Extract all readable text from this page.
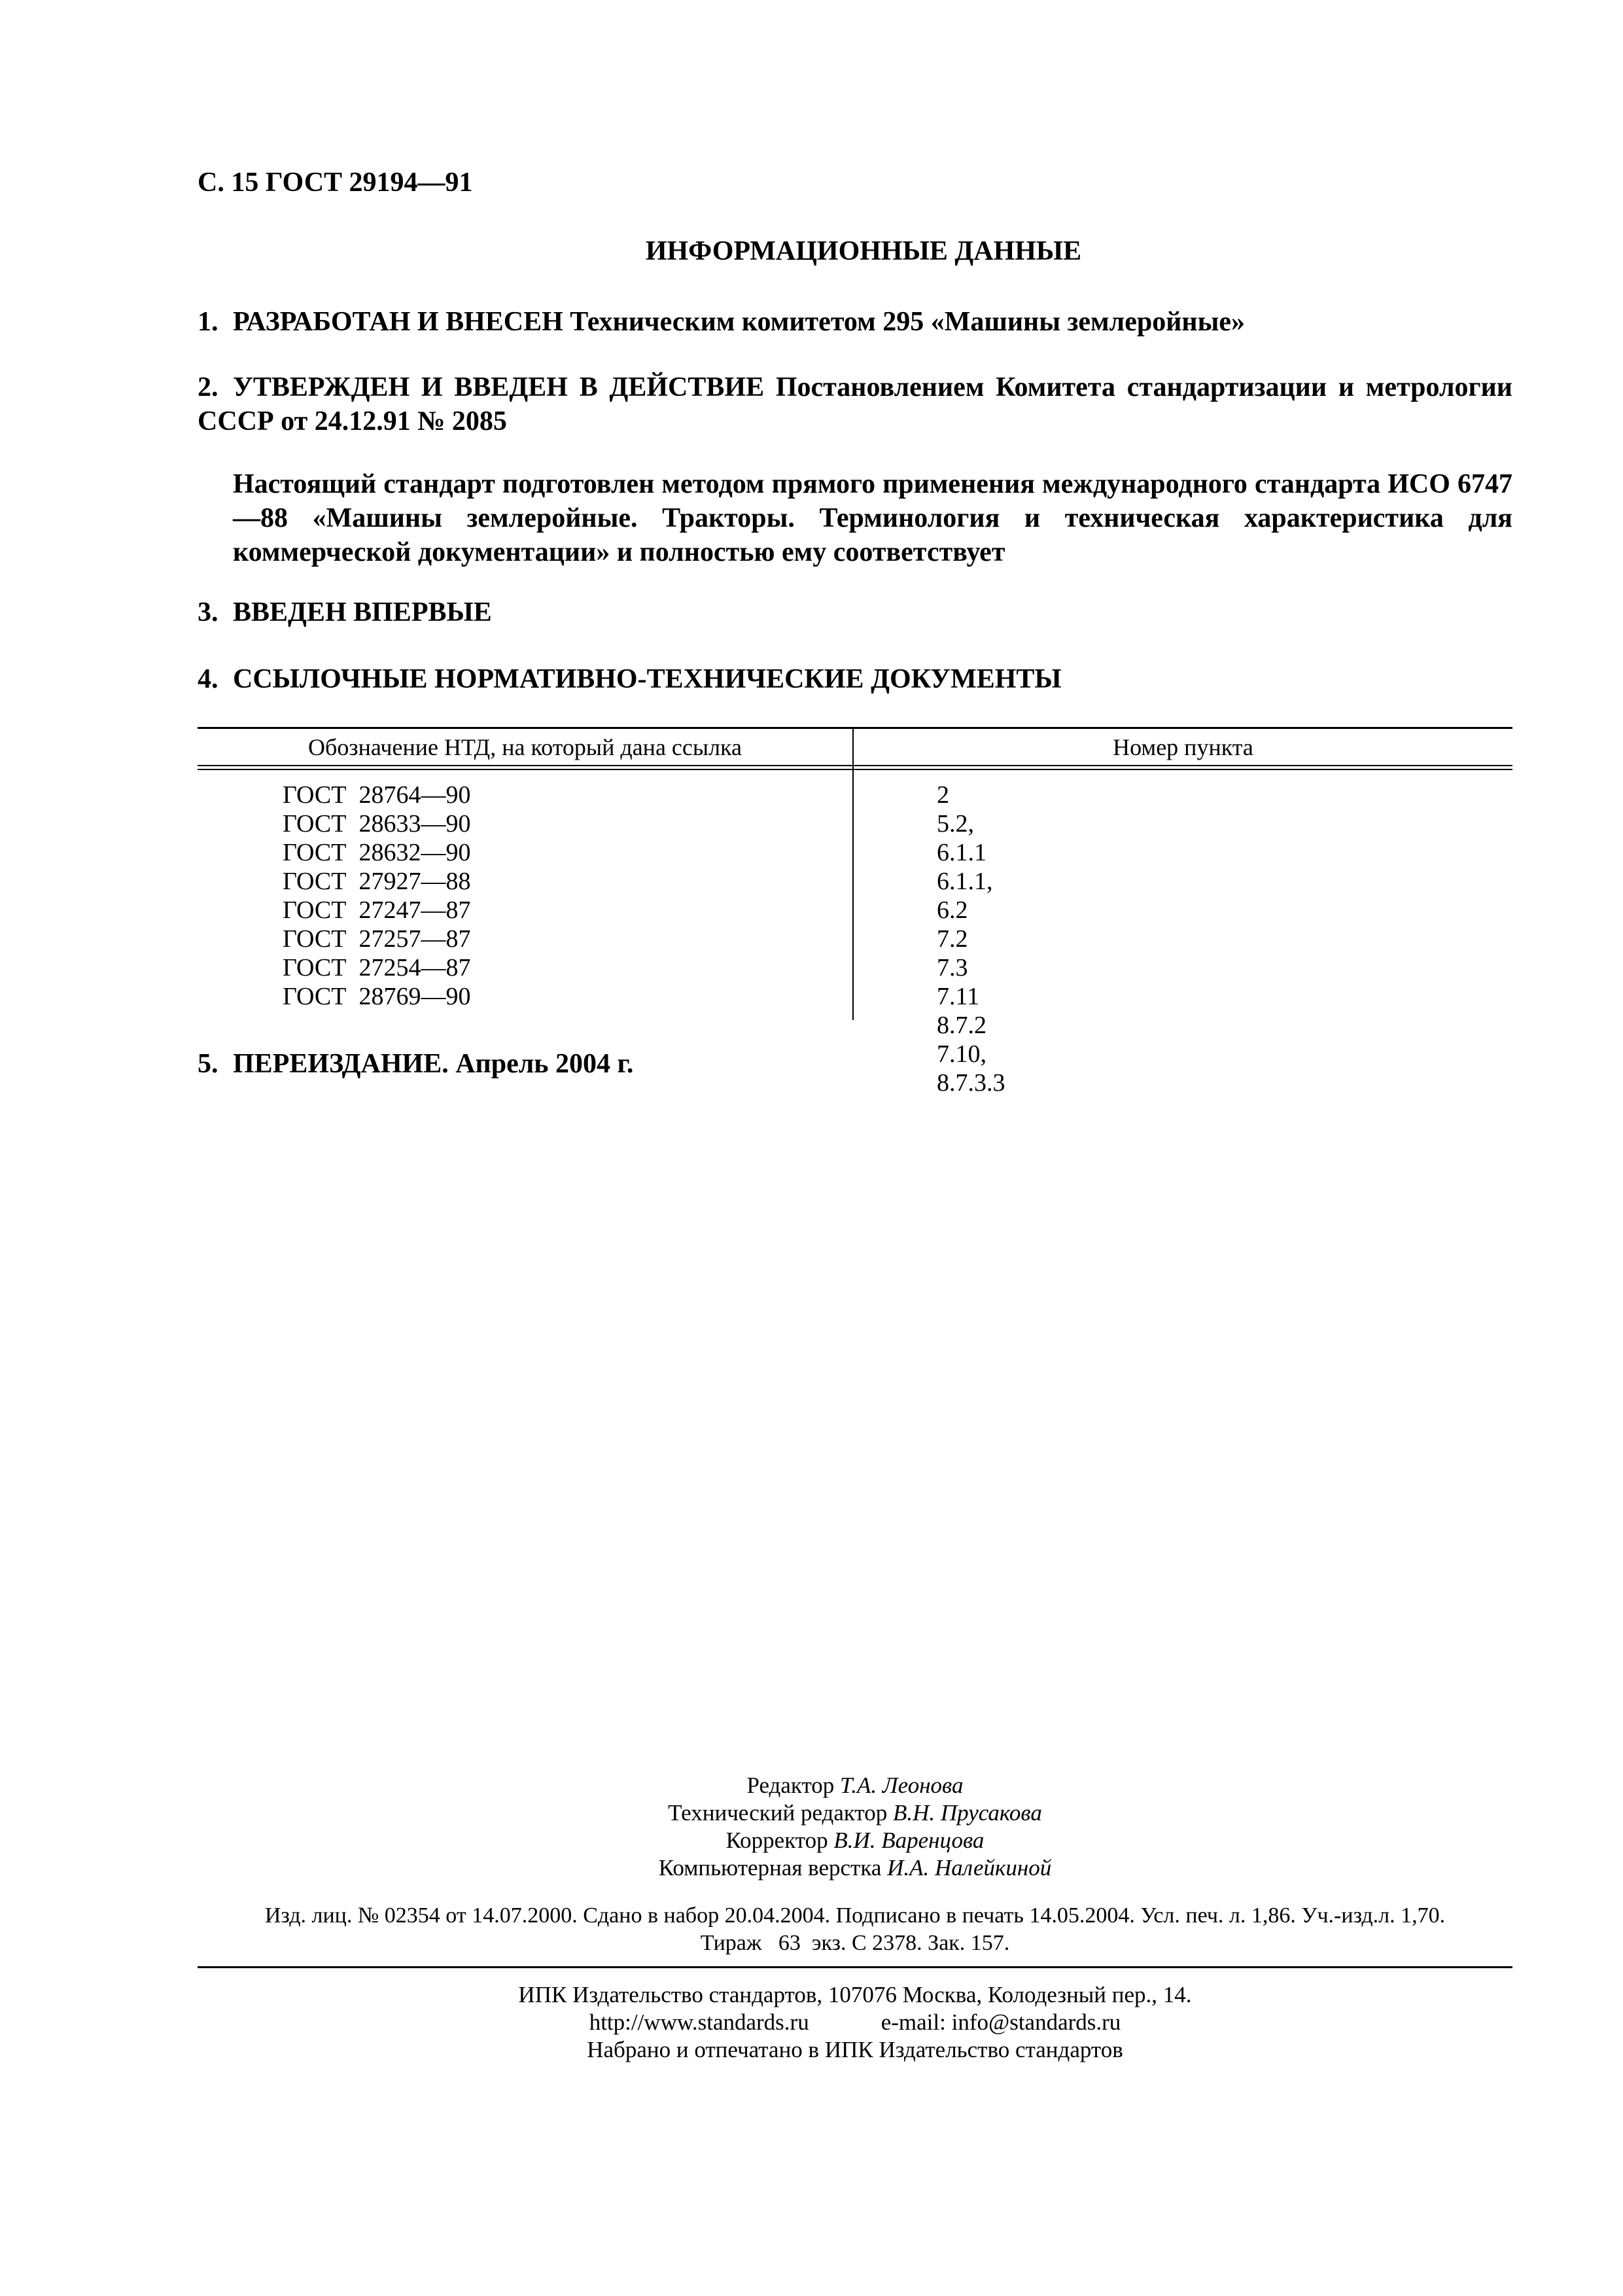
С. 15 ГОСТ 29194—91
ИНФОРМАЦИОННЫЕ ДАННЫЕ
1. РАЗРАБОТАН И ВНЕСЕН Техническим комитетом 295 «Машины землеройные»
2. УТВЕРЖДЕН И ВВЕДЕН В ДЕЙСТВИЕ Постановлением Комитета стандартизации и метрологии СССР от 24.12.91 № 2085
Настоящий стандарт подготовлен методом прямого применения международного стандарта ИСО 6747—88 «Машины землеройные. Тракторы. Терминология и техническая характеристика для коммерческой документации» и полностью ему соответствует
3. ВВЕДЕН ВПЕРВЫЕ
4. ССЫЛОЧНЫЕ НОРМАТИВНО-ТЕХНИЧЕСКИЕ ДОКУМЕНТЫ
Обозначение НТД, на который дана ссылка	Номер пункта
ГОСТ  28764—90
ГОСТ  28633—90
ГОСТ  28632—90
ГОСТ  27927—88
ГОСТ  27247—87
ГОСТ  27257—87
ГОСТ  27254—87
ГОСТ  28769—90
2
5.2, 6.1.1
6.1.1, 6.2
7.2
7.3
7.11
8.7.2
7.10, 8.7.3.3
5. ПЕРЕИЗДАНИЕ. Апрель 2004 г.
Редактор Т.А. Леонова
Технический редактор В.Н. Прусакова
Корректор В.И. Варенцова
Компьютерная верстка И.А. Налейкиной
Изд. лиц. № 02354 от 14.07.2000. Сдано в набор 20.04.2004. Подписано в печать 14.05.2004. Усл. печ. л. 1,86. Уч.-изд.л. 1,70.
Тираж   63  экз. С 2378. Зак. 157.
ИПК Издательство стандартов, 107076 Москва, Колодезный пер., 14.
http://www.standards.ru	e-mail: info@standards.ru
Набрано и отпечатано в ИПК Издательство стандартов
